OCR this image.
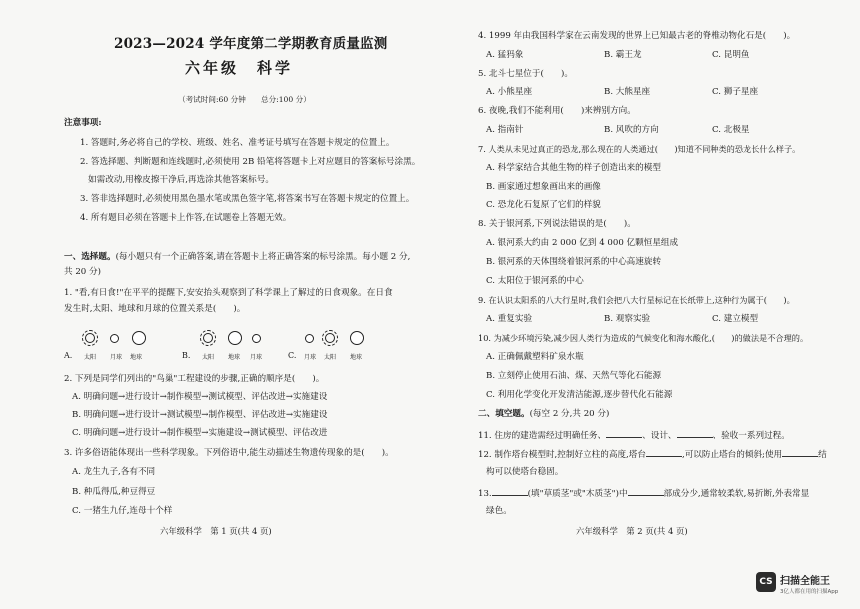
2023—2024 学年度第二学期教育质量监测
六年级　科学
（考试时间:60 分钟　　总分:100 分）
注意事项:
1. 答题时,务必将自己的学校、班级、姓名、准考证号填写在答题卡规定的位置上。
2. 答选择题、判断题和连线题时,必须使用 2B 铅笔将答题卡上对应题目的答案标号涂黑。
如需改动,用橡皮擦干净后,再选涂其他答案标号。
3. 答非选择题时,必须使用黑色墨水笔或黑色签字笔,将答案书写在答题卡规定的位置上。
4. 所有题目必须在答题卡上作答,在试题卷上答题无效。
一、选择题。(每小题只有一个正确答案,请在答题卡上将正确答案的标号涂黑。每小题 2 分,
共 20 分)
1. "看,有日食!"在平平的提醒下,安安抬头观察到了科学课上了解过的日食观象。在日食
发生时,太阳、地球和月球的位置关系是(　　)。
A. 太阳 月球 地球	B. 太阳 地球 月球	C. 月球 太阳 地球
2. 下列是同学们列出的"鸟巢"工程建设的步骤,正确的顺序是(　　)。
A. 明确问题→进行设计→制作模型→测试模型、评估改进→实施建设
B. 明确问题→进行设计→测试模型→制作模型、评估改进→实施建设
C. 明确问题→进行设计→制作模型→实施建设→测试模型、评估改进
3. 许多俗语能体现出一些科学现象。下列俗语中,能生动描述生物遗传现象的是(　　)。
A. 龙生九子,各有不同
B. 种瓜得瓜,种豆得豆
C. 一猪生九仔,连母十个样
六年级科学　第 1 页(共 4 页)
4. 1999 年由我国科学家在云南发现的世界上已知最古老的脊椎动物化石是(　　)。
A. 猛犸象	B. 霸王龙	C. 昆明鱼
5. 北斗七星位于(　　)。
A. 小熊星座	B. 大熊星座	C. 狮子星座
6. 夜晚,我们不能利用(　　)来辨别方向。
A. 指南针	B. 风吹的方向	C. 北极星
7. 人类从未见过真正的恐龙,那么现在的人类通过(　　)知道不同种类的恐龙长什么样子。
A. 科学家结合其他生物的样子创造出来的模型
B. 画家通过想象画出来的画像
C. 恐龙化石复原了它们的样貌
8. 关于银河系,下列说法错误的是(　　)。
A. 银河系大约由 2 000 亿到 4 000 亿颗恒星组成
B. 银河系的天体围绕着银河系的中心高速旋转
C. 太阳位于银河系的中心
9. 在认识太阳系的八大行星时,我们会把八大行星标记在长纸带上,这种行为属于(　　)。
A. 重复实验	B. 观察实验	C. 建立模型
10. 为减少环境污染,减少因人类行为造成的气候变化和海水酸化,(　　)的做法是不合理的。
A. 正确佩戴塑料矿泉水瓶
B. 立刻停止使用石油、煤、天然气等化石能源
C. 利用化学变化开发清洁能源,逐步替代化石能源
二、填空题。(每空 2 分,共 20 分)
11. 住房的建造需经过明确任务、	、设计、	、验收一系列过程。
12. 制作塔台模型时,控制好立柱的高度,塔台	,可以防止塔台的倾斜;使用	结
构可以使塔台稳固。
13.	(填"草质茎"或"木质茎")中	部成分少,通常较柔软,易折断,外表常显
绿色。
六年级科学　第 2 页(共 4 页)
CS 扫描全能王
3亿人都在用的扫描App
